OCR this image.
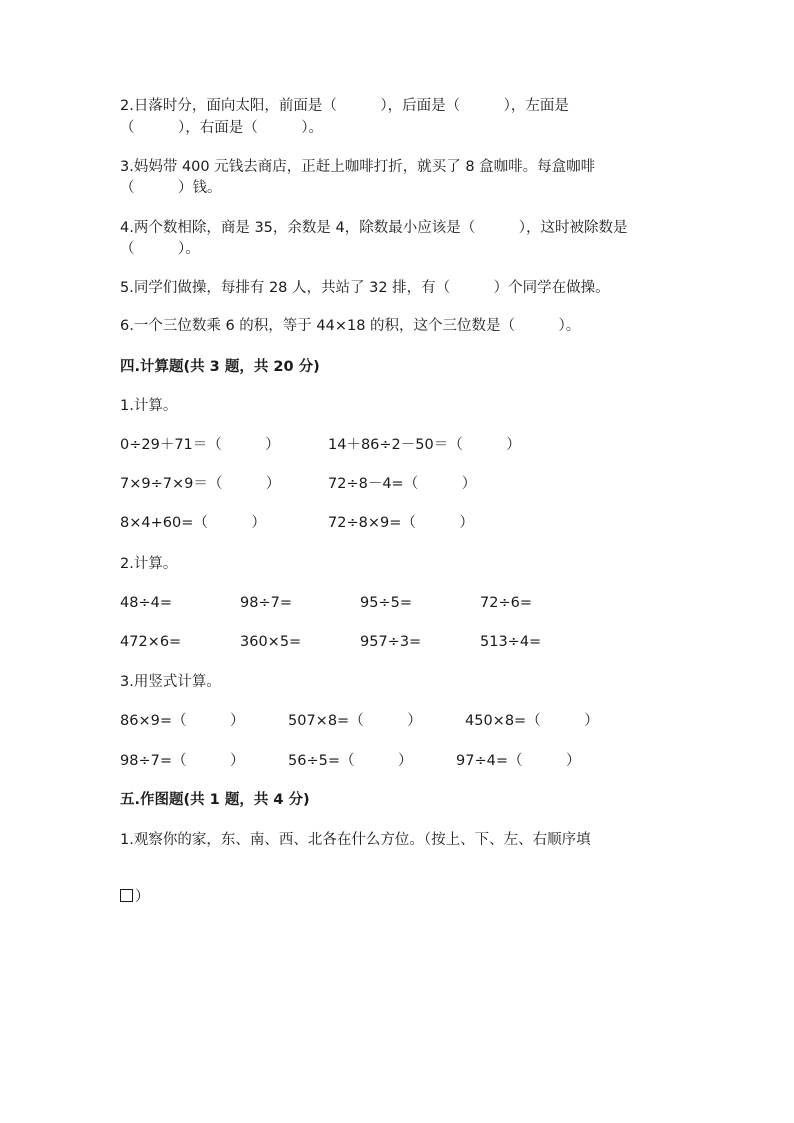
2.日落时分，面向太阳，前面是（　　　），后面是（　　　），左面是
（　　　），右面是（　　　）。
3.妈妈带 400 元钱去商店，正赶上咖啡打折，就买了 8 盒咖啡。每盒咖啡
（　　　）钱。
4.两个数相除，商是 35，余数是 4，除数最小应该是（　　　），这时被除数是
（　　　）。
5.同学们做操，每排有 28 人，共站了 32 排，有（　　　）个同学在做操。
6.一个三位数乘 6 的积，等于 44×18 的积，这个三位数是（　　　）。
四.计算题(共 3 题，共 20 分)
1.计算。
0÷29＋71＝（　　　）	14＋86÷2－50＝（　　　）
7×9÷7×9＝（　　　）	72÷8－4=（　　　）
8×4+60=（　　　）	72÷8×9=（　　　）
2.计算。
48÷4=	98÷7=	95÷5=	72÷6=
472×6=	360×5=	957÷3=	513÷4=
3.用竖式计算。
86×9=（　　　）	507×8=（　　　）	450×8=（　　　）
98÷7=（　　　）	56÷5=（　　　）	97÷4=（　　　）
五.作图题(共 1 题，共 4 分)
1.观察你的家，东、南、西、北各在什么方位。（按上、下、左、右顺序填
）
